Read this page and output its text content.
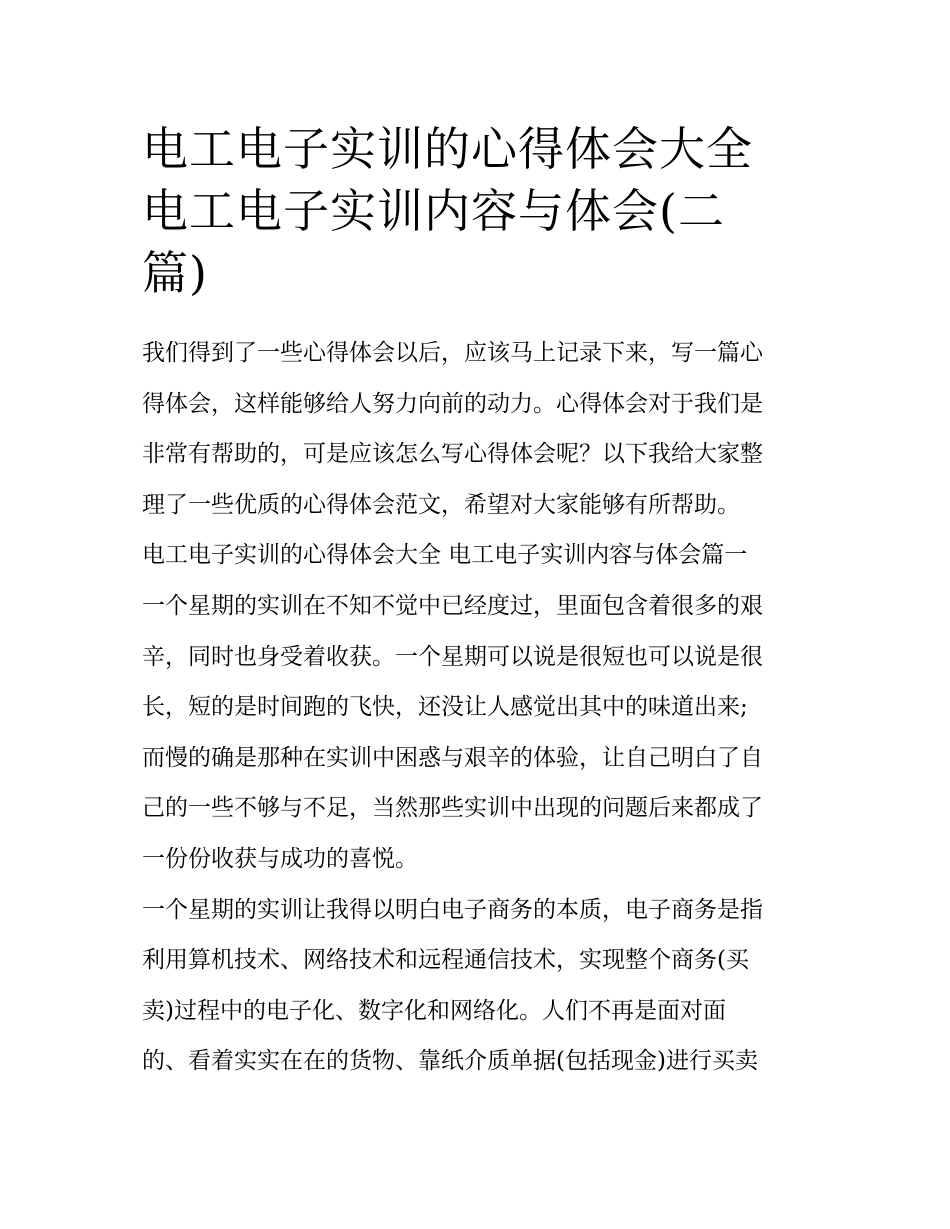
电工电子实训的心得体会大全
电工电子实训内容与体会(二
篇)

我们得到了一些心得体会以后，应该马上记录下来，写一篇心

得体会，这样能够给人努力向前的动力。心得体会对于我们是

非常有帮助的，可是应该怎么写心得体会呢？以下我给大家整

理了一些优质的心得体会范文，希望对大家能够有所帮助。

电工电子实训的心得体会大全 电工电子实训内容与体会篇一

一个星期的实训在不知不觉中已经度过，里面包含着很多的艰

辛，同时也身受着收获。一个星期可以说是很短也可以说是很

长，短的是时间跑的飞快，还没让人感觉出其中的味道出来;

而慢的确是那种在实训中困惑与艰辛的体验，让自己明白了自

己的一些不够与不足，当然那些实训中出现的问题后来都成了

一份份收获与成功的喜悦。

一个星期的实训让我得以明白电子商务的本质，电子商务是指

利用算机技术、网络技术和远程通信技术，实现整个商务(买

卖)过程中的电子化、数字化和网络化。人们不再是面对面

的、看着实实在在的货物、靠纸介质单据(包括现金)进行买卖
